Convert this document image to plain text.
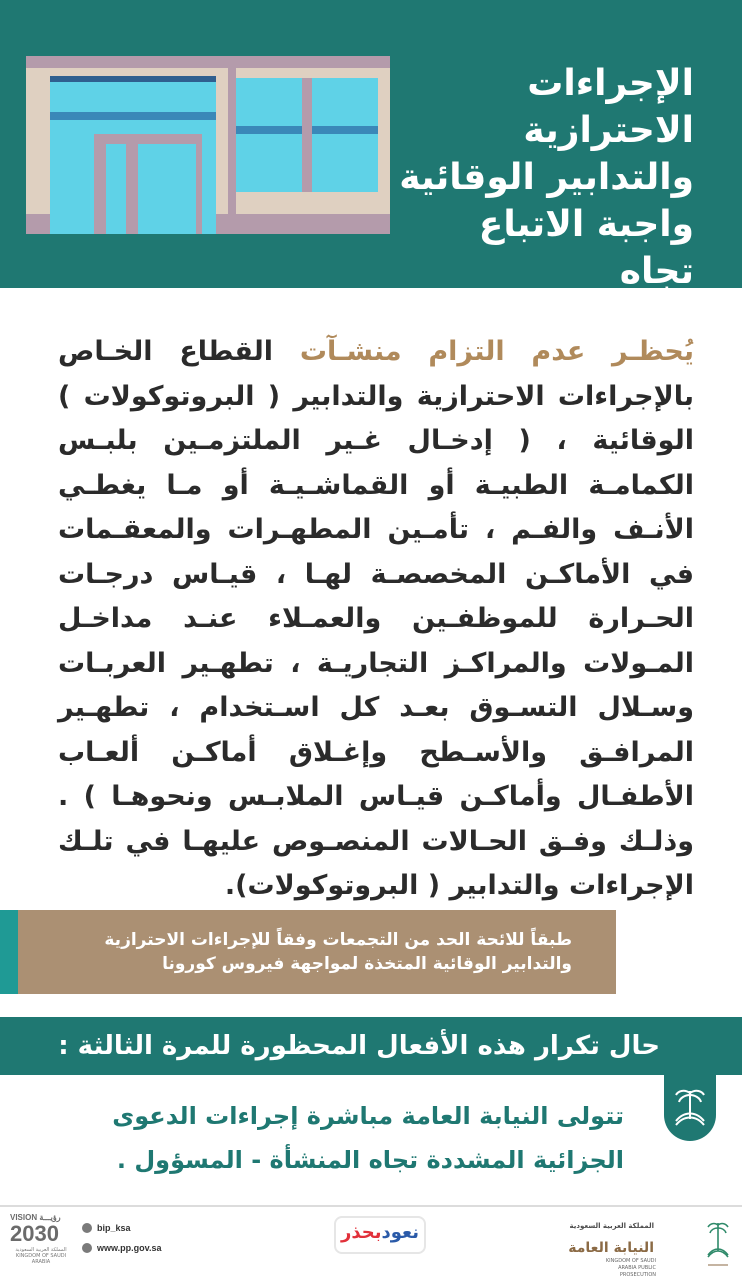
الإجراءات الاحترازية
والتدابير الوقائية
واجبة الاتباع تجاه
منشآت القطاع الخاص
يُحظـر عدم التزام منشـآت القطاع الخـاص بالإجراءات الاحترازية والتدابير ( البروتوكولات ) الوقائية ، ( إدخـال غـير الملتزمـين بلبـس الكمامـة الطبيـة أو القماشـيـة أو مـا يغطـي الأنـف والفـم ، تأمـين المطهـرات والمعقـمات في الأماكـن المخصصـة لهـا ، قيـاس درجـات الحـرارة للموظفـين والعمـلاء عنـد مداخـل المـولات والمراكـز التجاريـة ، تطهـير العربـات وسـلال التسـوق بعـد كل اسـتخدام ، تطهـير المرافـق والأسـطح وإغـلاق أماكـن ألعـاب الأطفـال وأماكـن قيـاس الملابـس ونحوهـا ) . وذلـك وفـق الحـالات المنصـوص عليهـا في تلـك الإجراءات والتدابير ( البروتوكولات).
طبقاً للائحة الحد من التجمعات وفقاً للإجراءات الاحترازية
والتدابير الوقائية المتخذة لمواجهة فيروس كورونا
حال تكرار هذه الأفعال المحظورة للمرة الثالثة :
تتولى النيابة العامة مباشرة إجراءات الدعوى
الجزائية المشددة تجاه المنشأة - المسؤول .
المملكة العربية السعودية
النيابة العامة
KINGDOM OF SAUDI ARABIA PUBLIC PROSECUTION
نعودبحذر
bip_ksa
www.pp.gov.sa
VISION رؤيـــة
2030
المملكة العربية السعودية KINGDOM OF SAUDI ARABIA
